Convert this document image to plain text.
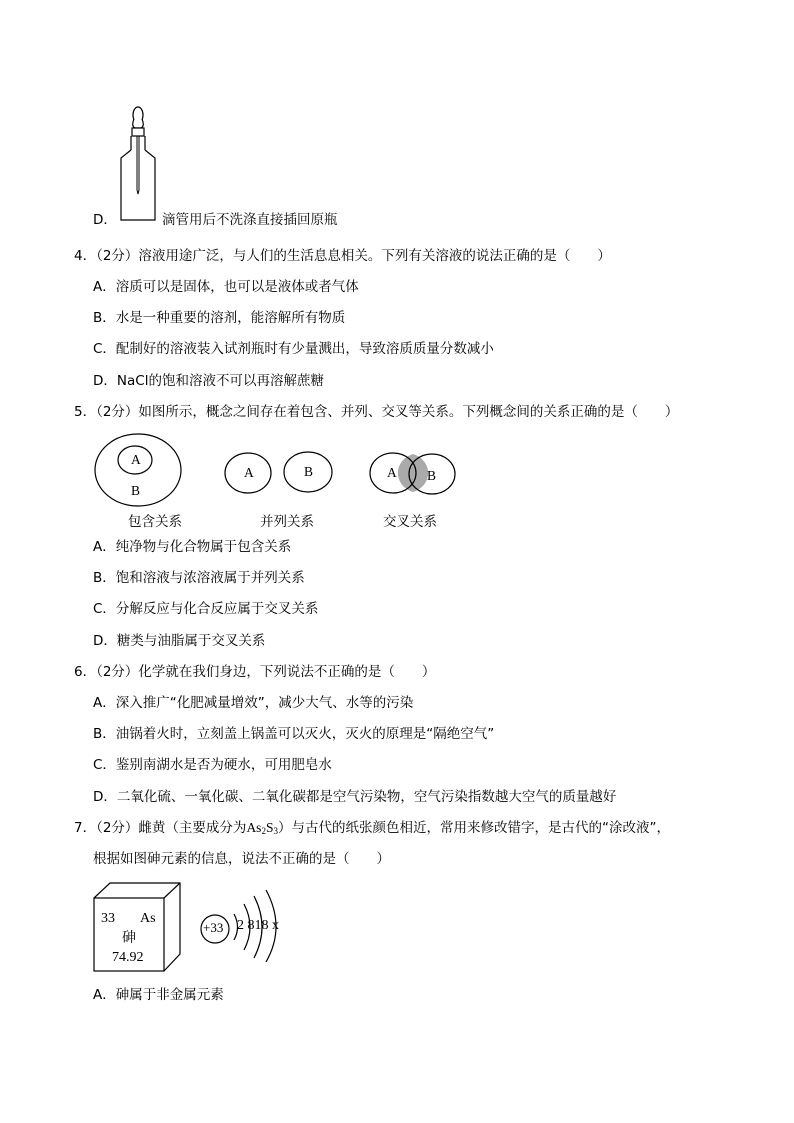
D．	滴管用后不洗涤直接插回原瓶
4．（2分）溶液用途广泛，与人们的生活息息相关。下列有关溶液的说法正确的是（　　）
A．溶质可以是固体，也可以是液体或者气体
B．水是一种重要的溶剂，能溶解所有物质
C．配制好的溶液装入试剂瓶时有少量溅出，导致溶质质量分数减小
D．NaCl的饱和溶液不可以再溶解蔗糖
5．（2分）如图所示，概念之间存在着包含、并列、交叉等关系。下列概念间的关系正确的是（　　）
A
B
A	B	A B
包含关系	并列关系	交叉关系
A．纯净物与化合物属于包含关系
B．饱和溶液与浓溶液属于并列关系
C．分解反应与化合反应属于交叉关系
D．糖类与油脂属于交叉关系
6．（2分）化学就在我们身边，下列说法不正确的是（　　）
A．深入推广“化肥减量增效”，减少大气、水等的污染
B．油锅着火时，立刻盖上锅盖可以灭火，灭火的原理是“隔绝空气”
C．鉴别南湖水是否为硬水，可用肥皂水
D．二氧化硫、一氧化碳、二氧化碳都是空气污染物，空气污染指数越大空气的质量越好
7．（2分）雌黄（主要成分为$As_2S_3$）与古代的纸张颜色相近，常用来修改错字，是古代的“涂改液”，
根据如图砷元素的信息，说法不正确的是（　　）
33 As
砷
74.92
+33 2 818 x
A．砷属于非金属元素
